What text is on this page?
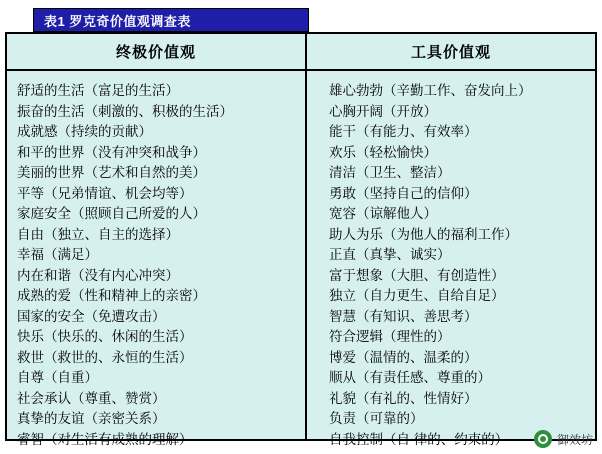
表1 罗克奇价值观调查表
终极价值观
舒适的生活（富足的生活）
振奋的生活（刺激的、积极的生活）
成就感（持续的贡献）
和平的世界（没有冲突和战争）
美丽的世界（艺术和自然的美）
平等（兄弟情谊、机会均等）
家庭安全（照顾自己所爱的人）
自由（独立、自主的选择）
幸福（满足）
内在和谐（没有内心冲突）
成熟的爱（性和精神上的亲密）
国家的安全（免遭攻击）
快乐（快乐的、休闲的生活）
救世（救世的、永恒的生活）
自尊（自重）
社会承认（尊重、赞赏）
真挚的友谊（亲密关系）
睿智（对生活有成熟的理解）
工具价值观
雄心勃勃（辛勤工作、奋发向上）
心胸开阔（开放）
能干（有能力、有效率）
欢乐（轻松愉快）
清洁（卫生、整洁）
勇敢（坚持自己的信仰）
宽容（谅解他人）
助人为乐（为他人的福利工作）
正直（真挚、诚实）
富于想象（大胆、有创造性）
独立（自力更生、自给自足）
智慧（有知识、善思考）
符合逻辑（理性的）
博爱（温情的、温柔的）
顺从（有责任感、尊重的）
礼貌（有礼的、性情好）
负责（可靠的）
自我控制（自 律的、约束的）	御效坊
